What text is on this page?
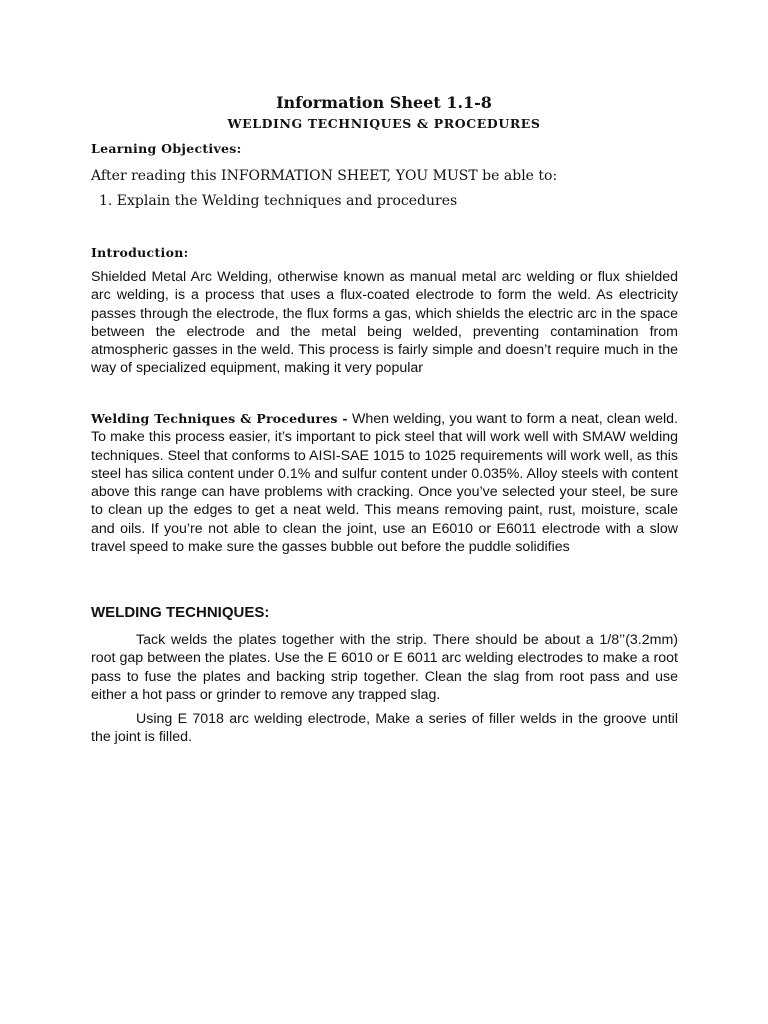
Information Sheet 1.1-8
WELDING TECHNIQUES & PROCEDURES
Learning Objectives:
After reading this INFORMATION SHEET, YOU MUST be able to:
1. Explain the Welding techniques and procedures
Introduction:
Shielded Metal Arc Welding, otherwise known as manual metal arc welding or flux shielded arc welding, is a process that uses a flux-coated electrode to form the weld. As electricity passes through the electrode, the flux forms a gas, which shields the electric arc in the space between the electrode and the metal being welded, preventing contamination from atmospheric gasses in the weld. This process is fairly simple and doesn’t require much in the way of specialized equipment, making it very popular
Welding Techniques & Procedures - When welding, you want to form a neat, clean weld. To make this process easier, it’s important to pick steel that will work well with SMAW welding techniques. Steel that conforms to AISI-SAE 1015 to 1025 requirements will work well, as this steel has silica content under 0.1% and sulfur content under 0.035%. Alloy steels with content above this range can have problems with cracking. Once you’ve selected your steel, be sure to clean up the edges to get a neat weld. This means removing paint, rust, moisture, scale and oils. If you’re not able to clean the joint, use an E6010 or E6011 electrode with a slow travel speed to make sure the gasses bubble out before the puddle solidifies
WELDING TECHNIQUES:
Tack welds the plates together with the strip. There should be about a 1/8’’(3.2mm) root gap between the plates. Use the E 6010 or E 6011 arc welding electrodes to make a root pass to fuse the plates and backing strip together. Clean the slag from root pass and use either a hot pass or grinder to remove any trapped slag.
Using E 7018 arc welding electrode, Make a series of filler welds in the groove until the joint is filled.
